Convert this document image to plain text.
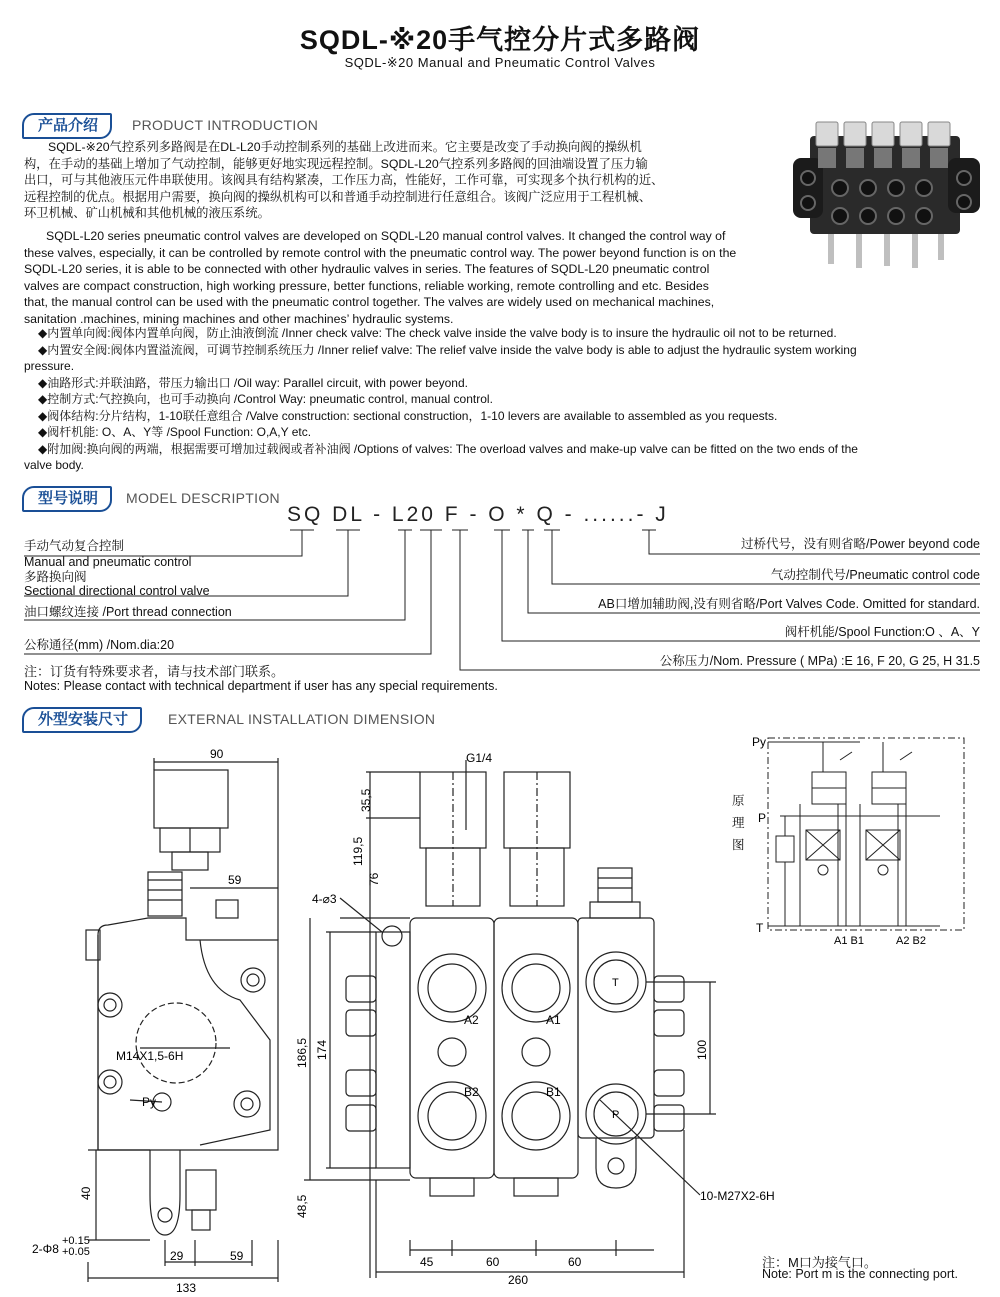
SQDL-※20手气控分片式多路阀
SQDL-※20 Manual and Pneumatic Control Valves
产品介绍	PRODUCT INTRODUCTION
SQDL-※20气控系列多路阀是在DL-L20手动控制系列的基础上改进而来。它主要是改变了手动换向阀的操纵机
构，在手动的基础上增加了气动控制，能够更好地实现远程控制。SQDL-L20气控系列多路阀的回油端设置了压力输
出口，可与其他液压元件串联使用。该阀具有结构紧凑，工作压力高，性能好，工作可靠，可实现多个执行机构的近、
远程控制的优点。根据用户需要，换向阀的操纵机构可以和普通手动控制进行任意组合。该阀广泛应用于工程机械、
环卫机械、矿山机械和其他机械的液压系统。
SQDL-L20 series pneumatic control valves are developed on SQDL-L20 manual control valves. It changed the control way of
these valves, especially, it can be controlled by remote control with the pneumatic control way. The power beyond function is on the
SQDL-L20 series, it is able to be connected with other hydraulic valves in series. The features of SQDL-L20 pneumatic control
valves are compact construction, high working pressure, better functions, reliable working, remote controlling and etc. Besides
that, the manual control can be used with the pneumatic control together. The valves are widely used on mechanical machines,
sanitation .machines, mining machines and other machines’ hydraulic systems.
◆内置单向阀:阀体内置单向阀，防止油液倒流 /Inner check valve: The check valve inside the valve body is to insure the hydraulic oil not to be returned.
◆内置安全阀:阀体内置溢流阀，可调节控制系统压力 /Inner relief valve: The relief valve inside the valve body is able to adjust the hydraulic system working
pressure.
◆油路形式:并联油路，带压力输出口 /Oil way: Parallel circuit, with power beyond.
◆控制方式:气控换向，也可手动换向 /Control Way: pneumatic control, manual control.
◆阀体结构:分片结构，1-10联任意组合 /Valve construction: sectional construction，1-10 levers are available to assembled as you requests.
◆阀杆机能: O、A、Y等 /Spool Function: O,A,Y etc.
◆附加阀:换向阀的两端，根据需要可增加过载阀或者补油阀 /Options of valves: The overload valves and make-up valve can be fitted on the two ends of the
valve body.
型号说明	MODEL DESCRIPTION
SQ DL - L20 F - O * Q - ......- J
手动气动复合控制
Manual and pneumatic control
多路换向阀
Sectional directional control valve
油口螺纹连接 /Port thread connection
公称通径(mm) /Nom.dia:20
过桥代号，没有则省略/Power beyond code
气动控制代号/Pneumatic control code
AB口增加辅助阀,没有则省略/Port Valves Code. Omitted for standard.
阀杆机能/Spool Function:O 、A、Y
公称压力/Nom. Pressure ( MPa) :E 16, F 20, G 25, H 31.5
注：订货有特殊要求者，请与技术部门联系。
Notes: Please contact with technical department if user has any special requirements.
外型安装尺寸	EXTERNAL INSTALLATION DIMENSION
90
59
40
29	59
133
2-Φ8
+0.15
+0.05
M14X1,5-6H
Py
G1/4
35,5
119,5
76
4-⌀3
186,5 174
48,5
45	60	60
260
100
A2	A1
B2	B1
T
P
10-M27X2-6H
Py
P
T
A1 B1	A2 B2
原理图
注：M口为接气口。
Note: Port m is the connecting port.
